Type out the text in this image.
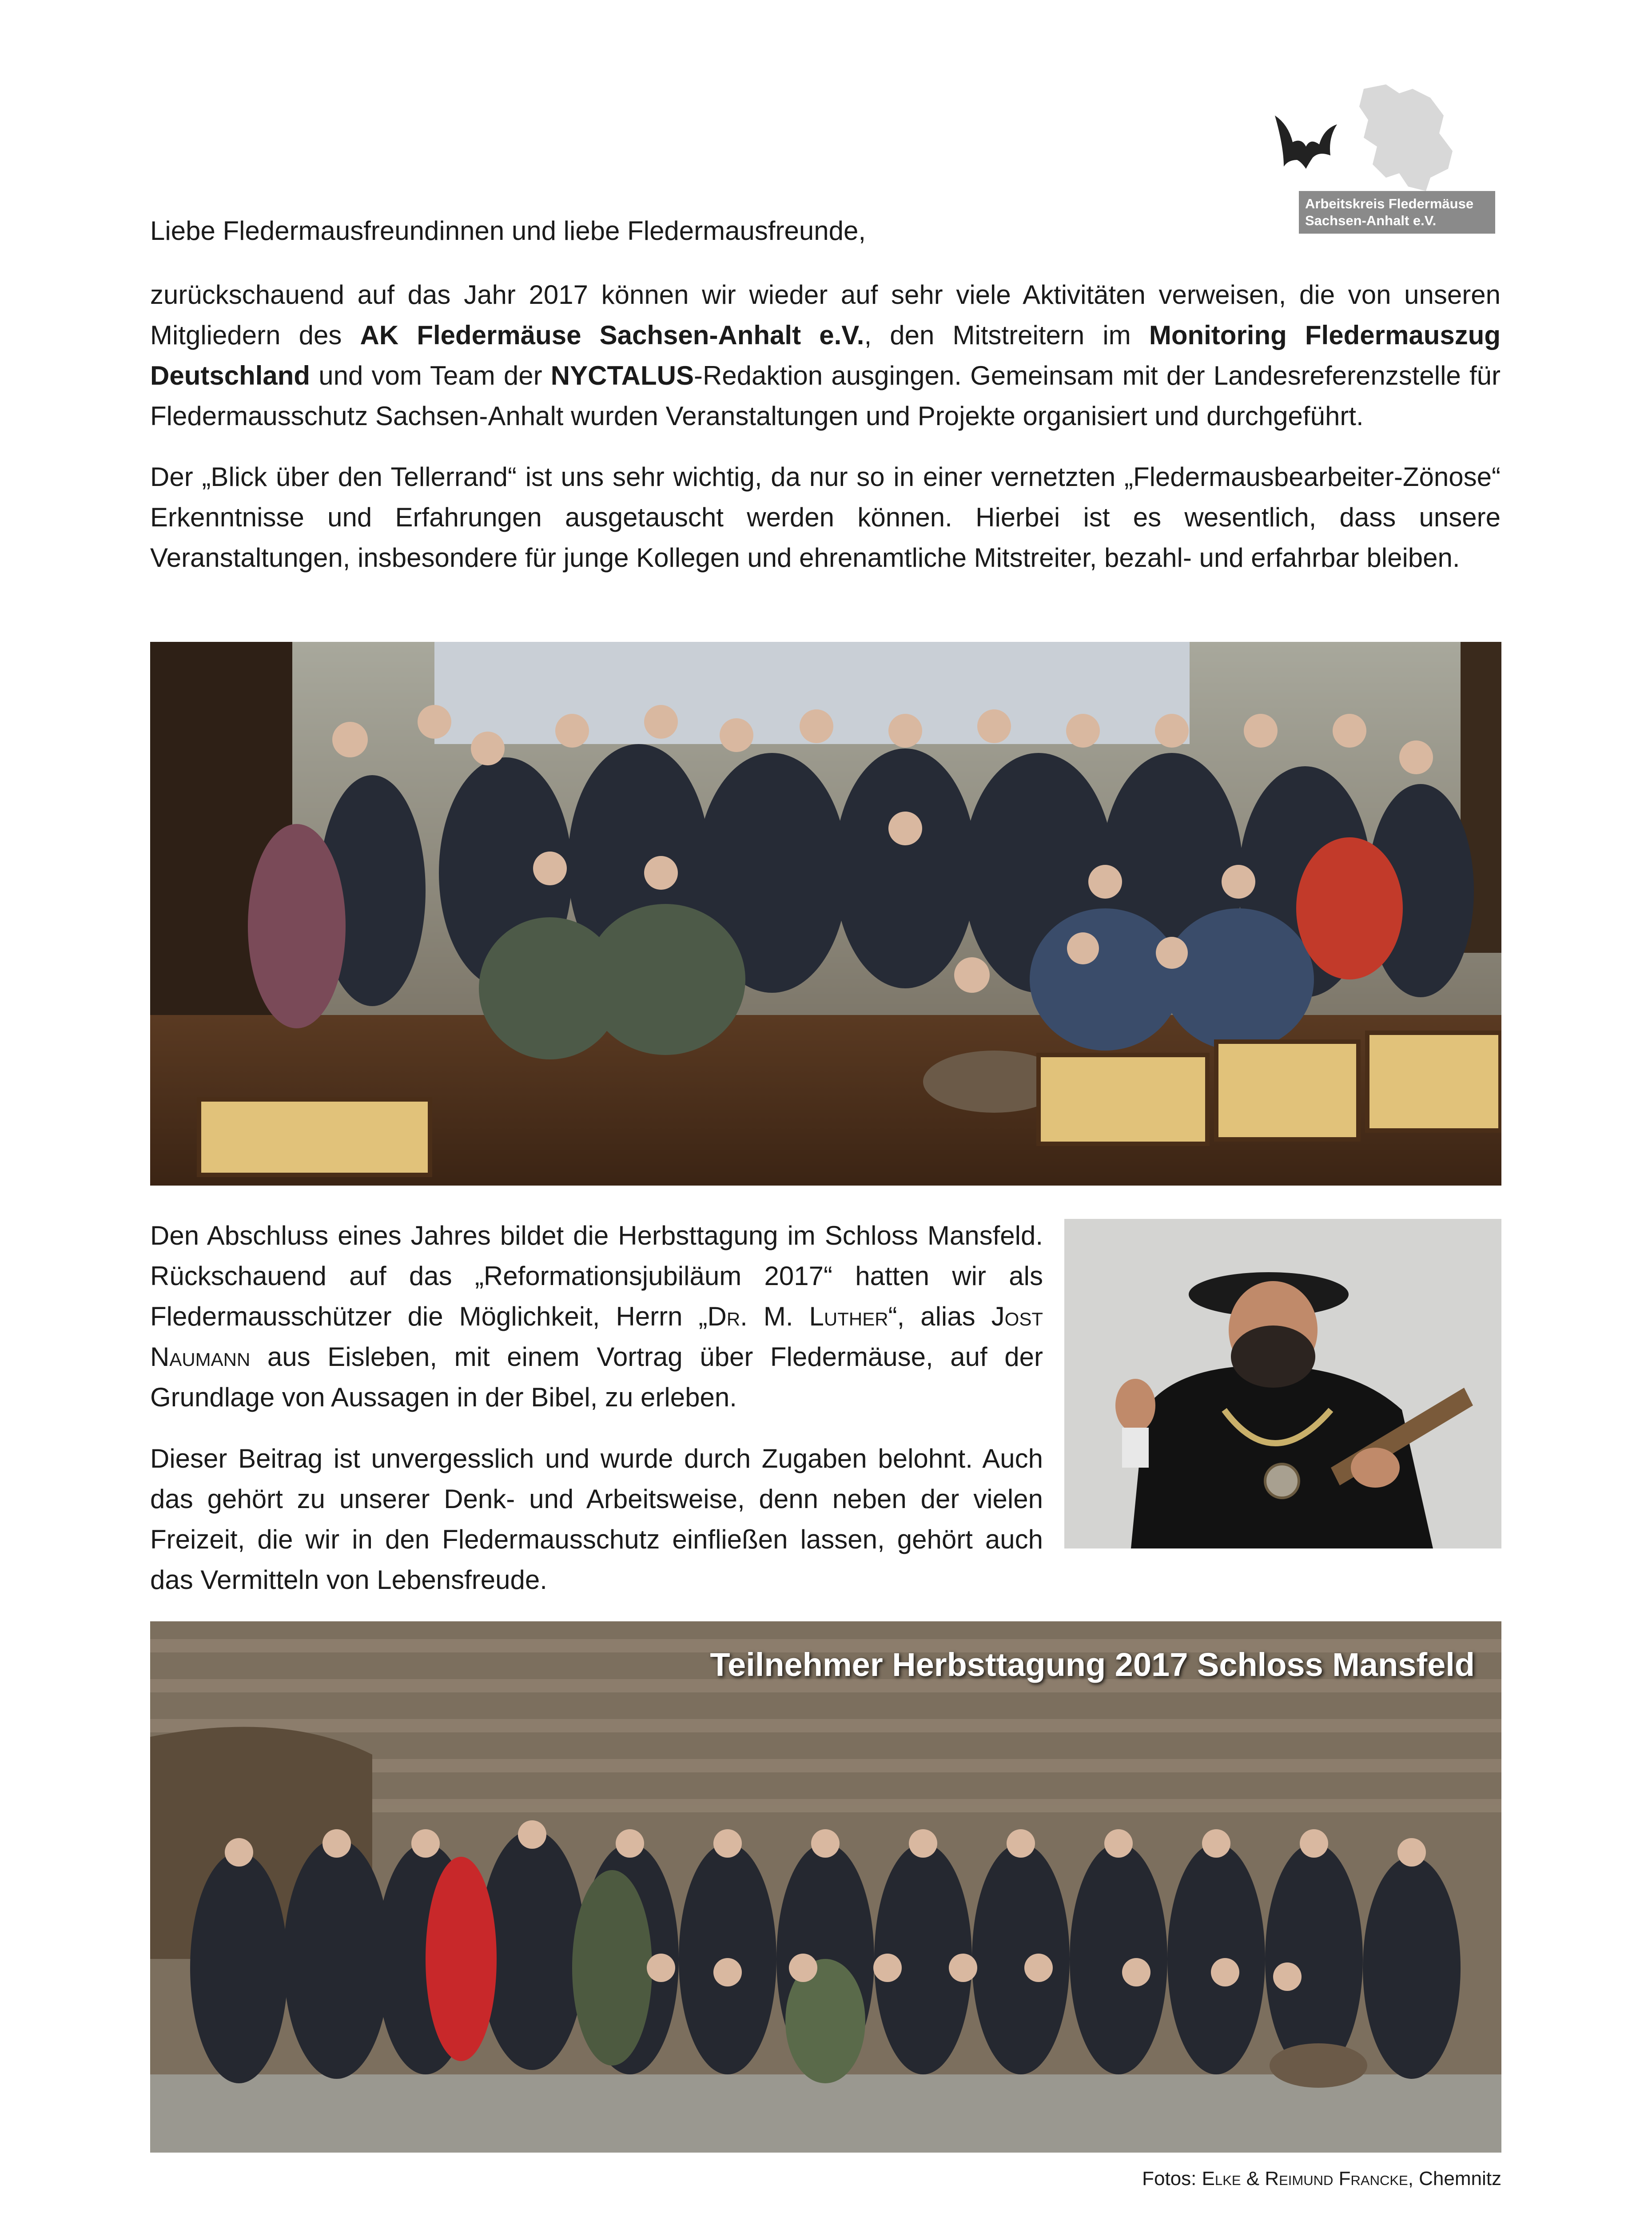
Arbeitskreis Fledermäuse
Sachsen-Anhalt e.V.

Liebe Fledermausfreundinnen und liebe Fledermausfreunde,

zurückschauend auf das Jahr 2017 können wir wieder auf sehr viele Aktivitäten verweisen, die von unseren Mitgliedern des AK Fledermäuse Sachsen-Anhalt e.V., den Mitstreitern im Monitoring Fledermauszug Deutschland und vom Team der NYCTALUS-Redaktion ausgingen. Gemeinsam mit der Landesreferenzstelle für Fledermausschutz Sachsen-Anhalt wurden Veranstaltungen und Projekte organisiert und durchgeführt.

Der „Blick über den Tellerrand“ ist uns sehr wichtig, da nur so in einer vernetzten „Fledermausbearbeiter-Zönose“ Erkenntnisse und Erfahrungen ausgetauscht werden können. Hierbei ist es wesentlich, dass unsere Veranstaltungen, insbesondere für junge Kollegen und ehrenamtliche Mitstreiter, bezahl- und erfahrbar bleiben.

Den Abschluss eines Jahres bildet die Herbsttagung im Schloss Mansfeld. Rückschauend auf das „Reformationsjubiläum 2017“ hatten wir als Fledermausschützer die Möglichkeit, Herrn „Dr. M. Luther“, alias Jost Naumann aus Eisleben, mit einem Vortrag über Fledermäuse, auf der Grundlage von Aussagen in der Bibel, zu erleben.

Dieser Beitrag ist unvergesslich und wurde durch Zugaben belohnt. Auch das gehört zu unserer Denk- und Arbeitsweise, denn neben der vielen Freizeit, die wir in den Fledermausschutz einfließen lassen, gehört auch das Vermitteln von Lebensfreude.

Teilnehmer Herbsttagung 2017 Schloss Mansfeld
Fotos: Elke & Reimund Francke, Chemnitz
